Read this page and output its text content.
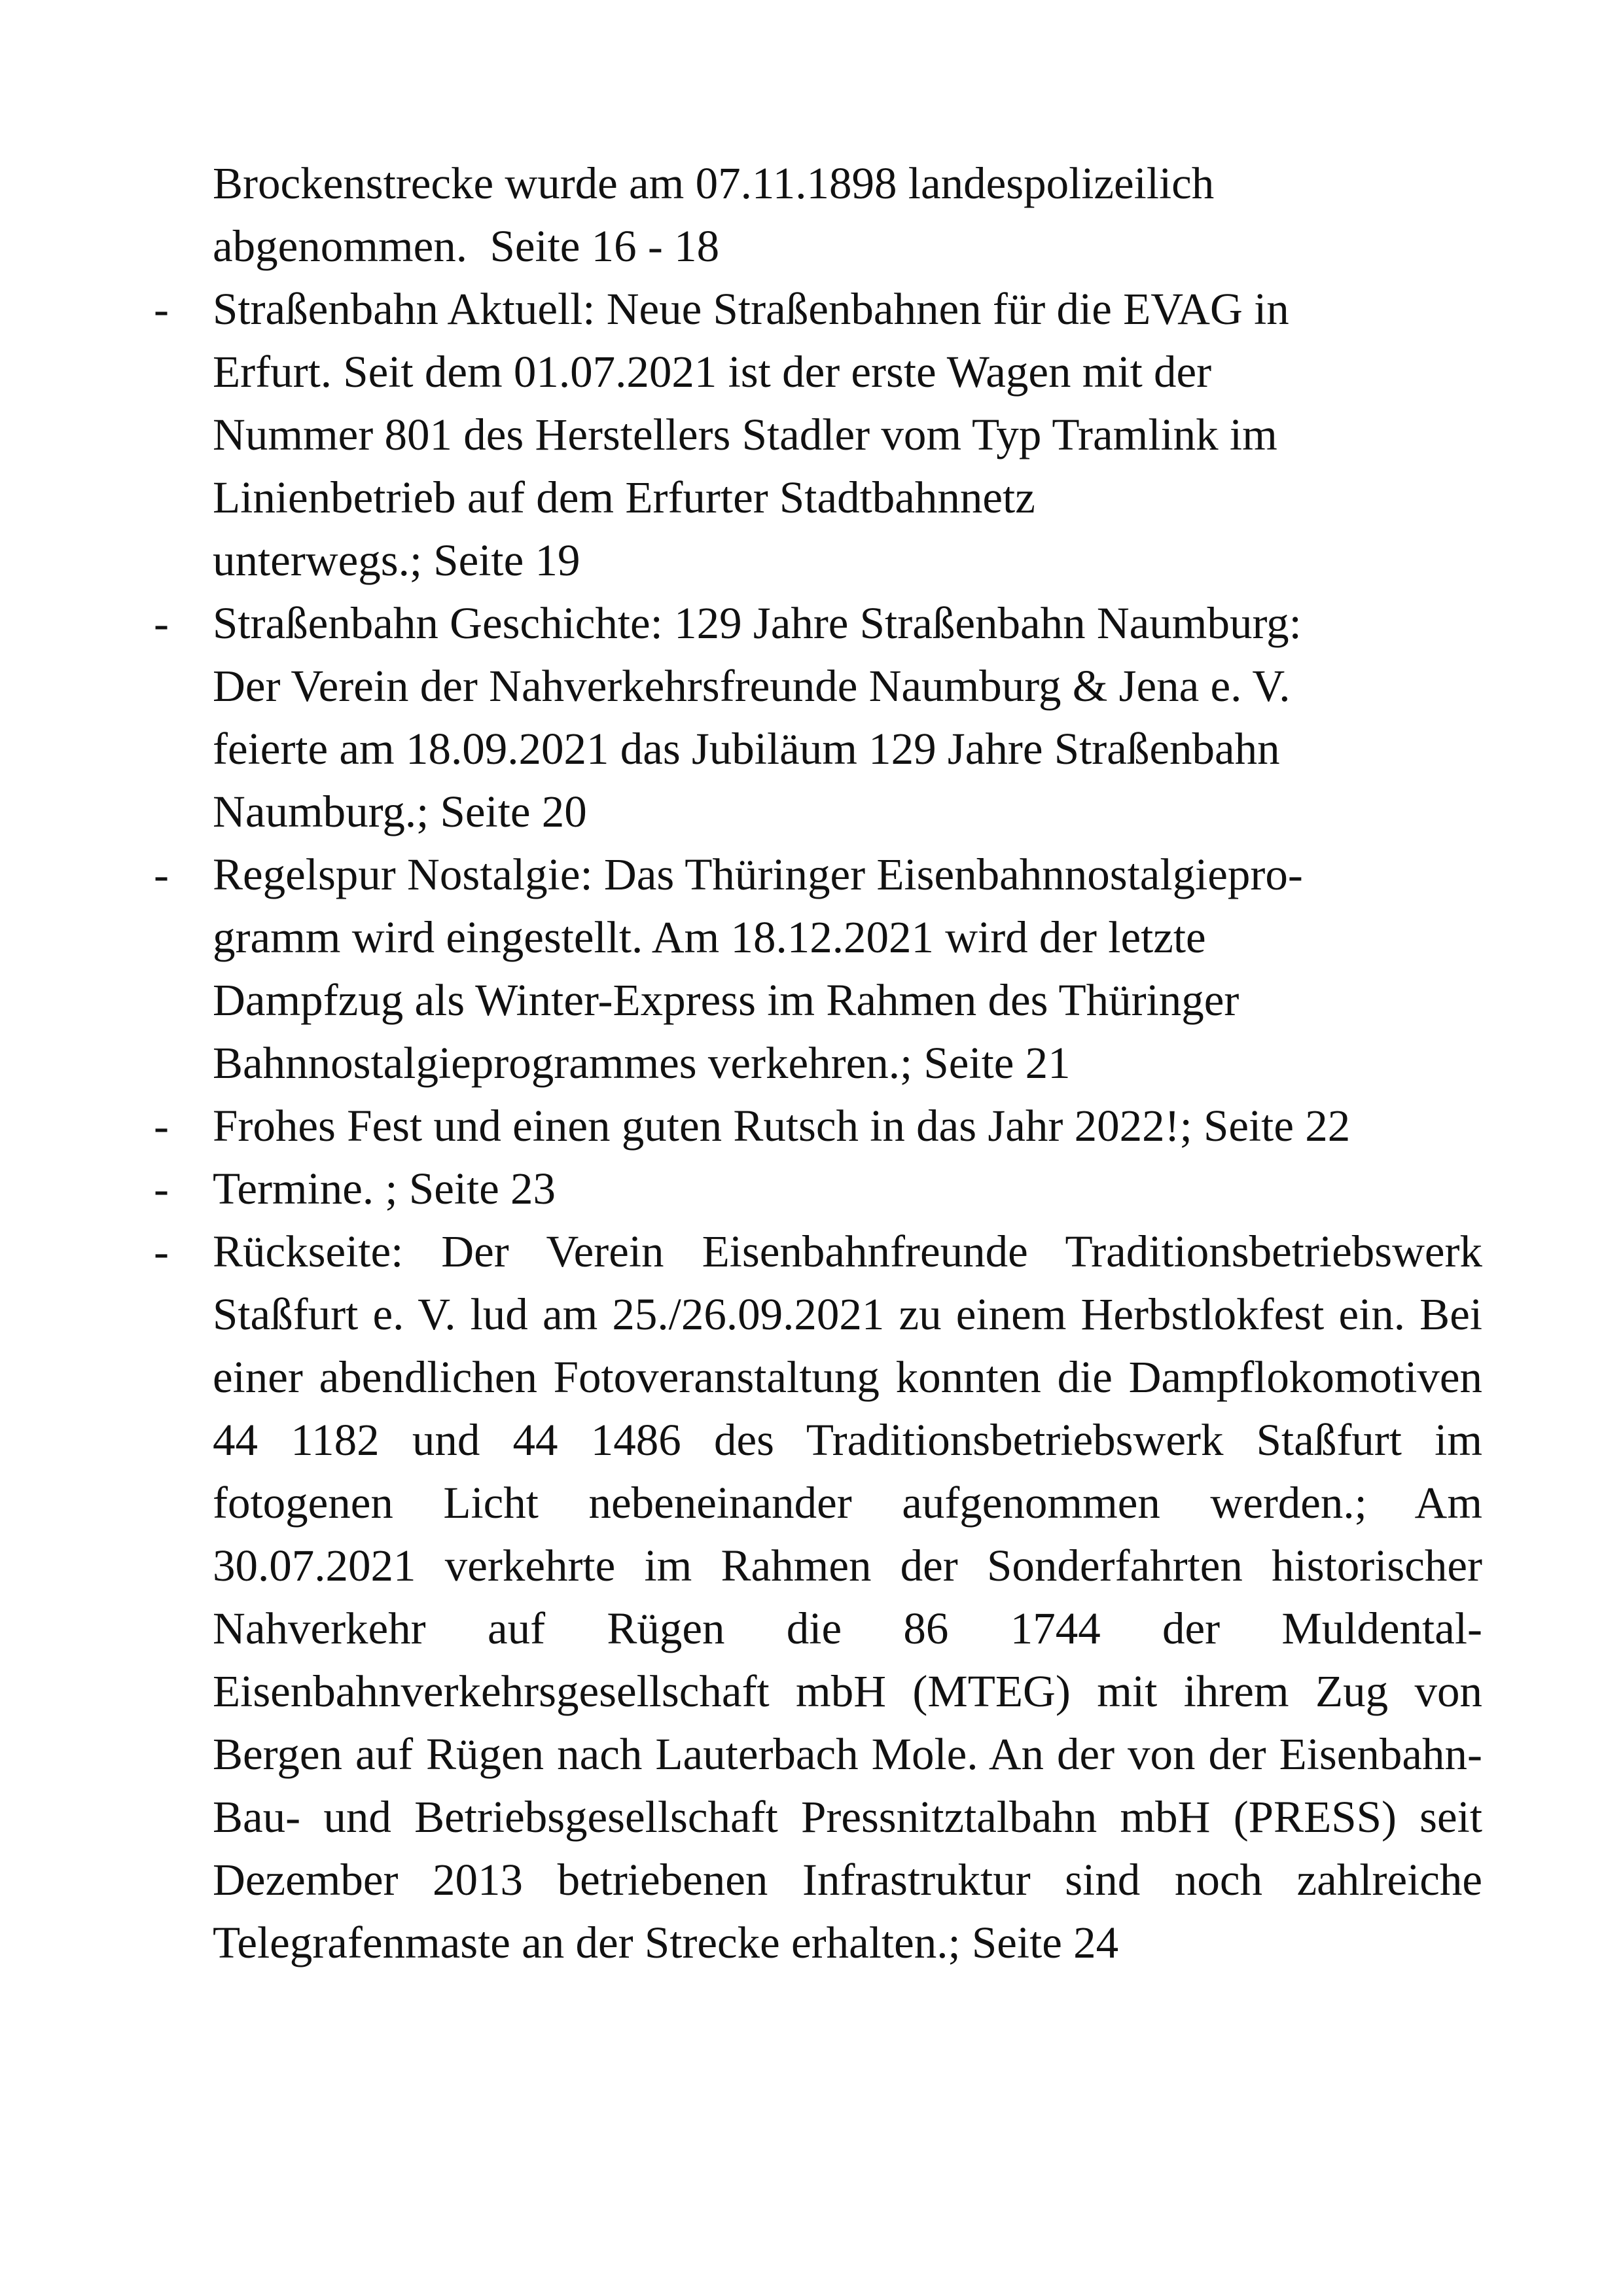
Brockenstrecke wurde am 07.11.1898 landespolizeilich
abgenommen.  Seite 16 - 18
- Straßenbahn Aktuell: Neue Straßenbahnen für die EVAG in
Erfurt. Seit dem 01.07.2021 ist der erste Wagen mit der
Nummer 801 des Herstellers Stadler vom Typ Tramlink im
Linienbetrieb auf dem Erfurter Stadtbahnnetz
unterwegs.; Seite 19
- Straßenbahn Geschichte: 129 Jahre Straßenbahn Naumburg:
Der Verein der Nahverkehrsfreunde Naumburg & Jena e. V.
feierte am 18.09.2021 das Jubiläum 129 Jahre Straßenbahn
Naumburg.; Seite 20
- Regelspur Nostalgie: Das Thüringer Eisenbahnnostalgiepro-
gramm wird eingestellt. Am 18.12.2021 wird der letzte
Dampfzug als Winter-Express im Rahmen des Thüringer
Bahnnostalgieprogrammes verkehren.; Seite 21
- Frohes Fest und einen guten Rutsch in das Jahr 2022!; Seite 22
- Termine. ; Seite 23
- Rückseite: Der Verein Eisenbahnfreunde Traditionsbetriebswerk Staßfurt e. V. lud am 25./26.09.2021 zu einem Herbstlokfest ein. Bei einer abendlichen Fotoveranstaltung konnten die Dampflokomotiven 44 1182 und 44 1486 des Traditionsbetriebswerk Staßfurt im fotogenen Licht nebeneinander aufgenommen werden.; Am 30.07.2021 verkehrte im Rahmen der Sonderfahrten historischer Nahverkehr auf Rügen die 86 1744 der Muldental-Eisenbahnverkehrsgesellschaft mbH (MTEG) mit ihrem Zug von Bergen auf Rügen nach Lauterbach Mole. An der von der Eisenbahn-Bau- und Betriebsgesellschaft Pressnitztalbahn mbH (PRESS) seit Dezember 2013 betriebenen Infrastruktur sind noch zahlreiche Telegrafenmaste an der Strecke erhalten.; Seite 24
